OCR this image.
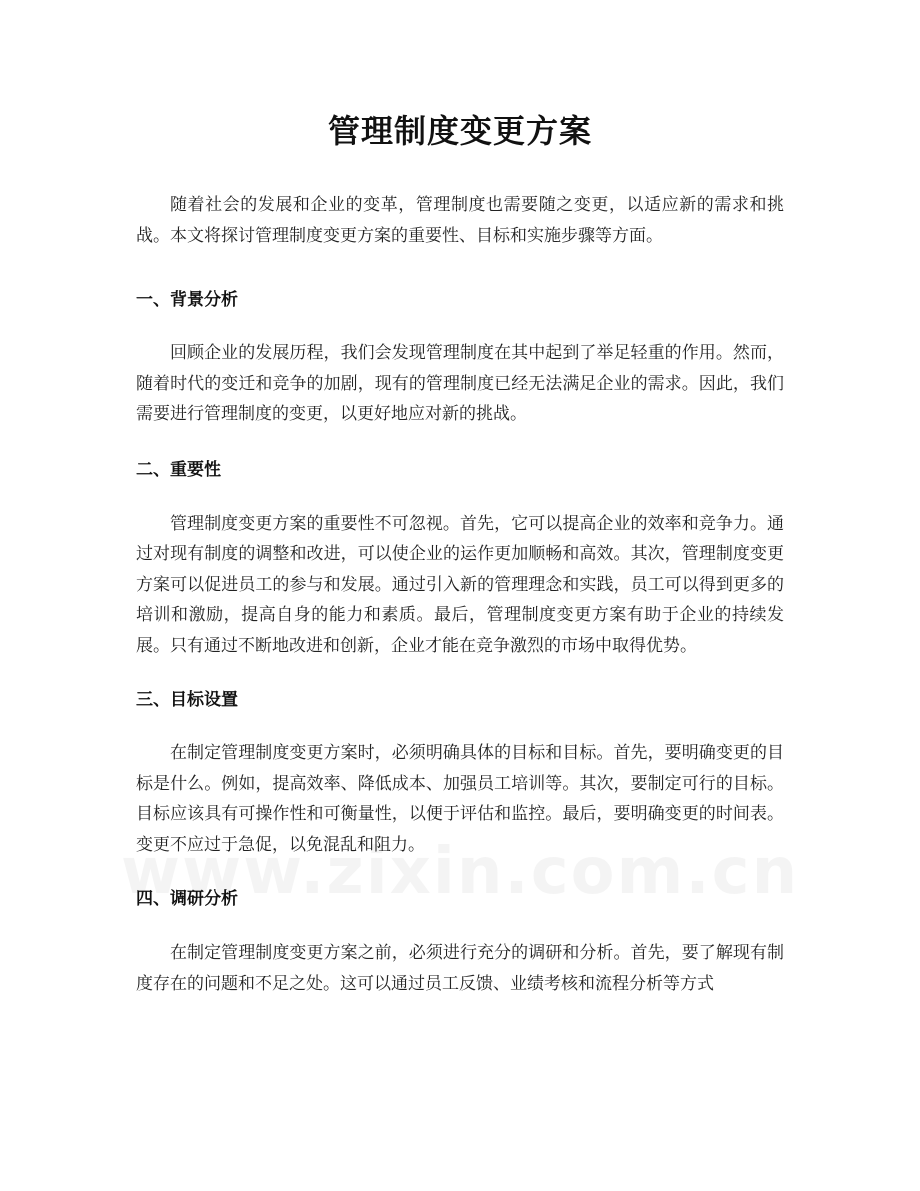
管理制度变更方案

随着社会的发展和企业的变革，管理制度也需要随之变更，以适应新的需求和挑战。本文将探讨管理制度变更方案的重要性、目标和实施步骤等方面。

一、背景分析

回顾企业的发展历程，我们会发现管理制度在其中起到了举足轻重的作用。然而，随着时代的变迁和竞争的加剧，现有的管理制度已经无法满足企业的需求。因此，我们需要进行管理制度的变更，以更好地应对新的挑战。

二、重要性

管理制度变更方案的重要性不可忽视。首先，它可以提高企业的效率和竞争力。通过对现有制度的调整和改进，可以使企业的运作更加顺畅和高效。其次，管理制度变更方案可以促进员工的参与和发展。通过引入新的管理理念和实践，员工可以得到更多的培训和激励，提高自身的能力和素质。最后，管理制度变更方案有助于企业的持续发展。只有通过不断地改进和创新，企业才能在竞争激烈的市场中取得优势。

三、目标设置

在制定管理制度变更方案时，必须明确具体的目标和目标。首先，要明确变更的目标是什么。例如，提高效率、降低成本、加强员工培训等。其次，要制定可行的目标。目标应该具有可操作性和可衡量性，以便于评估和监控。最后，要明确变更的时间表。变更不应过于急促，以免混乱和阻力。

四、调研分析

在制定管理制度变更方案之前，必须进行充分的调研和分析。首先，要了解现有制度存在的问题和不足之处。这可以通过员工反馈、业绩考核和流程分析等方式
